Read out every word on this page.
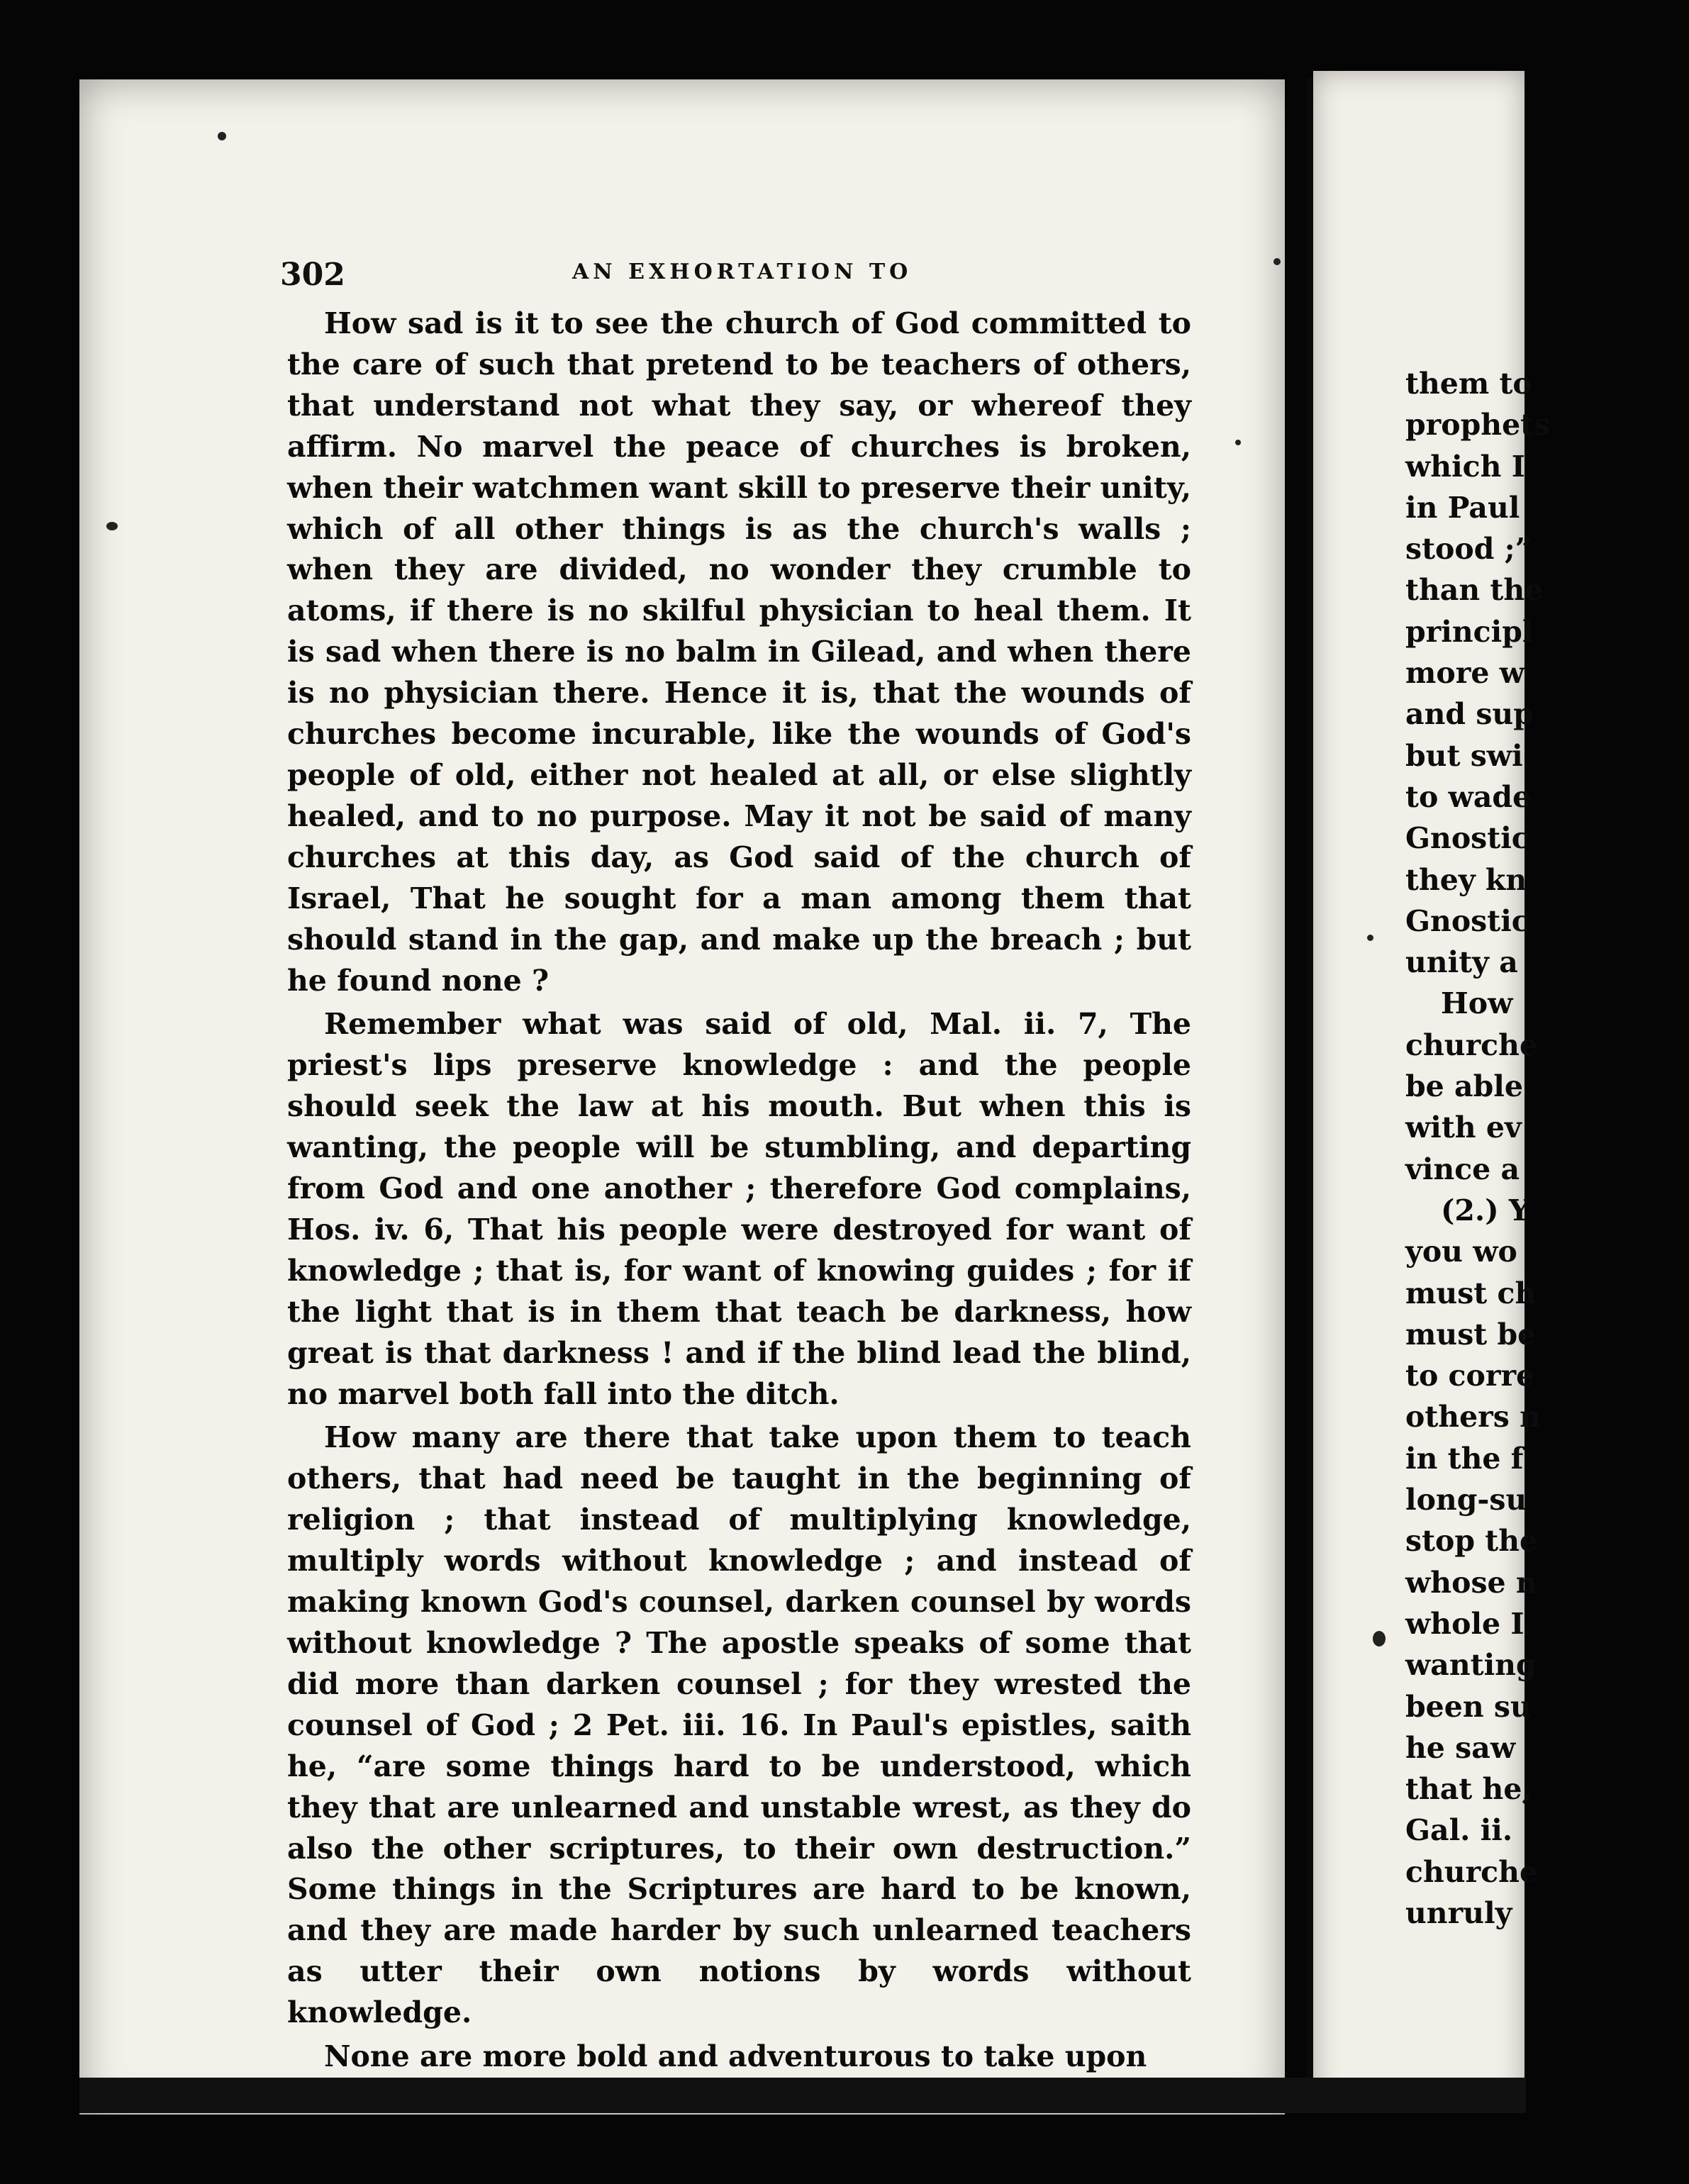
them to
prophets
which I
in Paul
stood ;”
than the
principl
more w
and sup
but swi
to wade
Gnostic
they kn
Gnostic
unity a
How
churche
be able
with ev
vince a
(2.) Y
you wo
must ch
must be
to corre
others n
in the f
long-su
stop the
whose n
whole I
wanting
been su
he saw
that he,
Gal. ii.
churche
unruly
302	AN EXHORTATION TO

How sad is it to see the church of God committed to the care of such that pretend to be teachers of others, that understand not what they say, or whereof they affirm. No marvel the peace of churches is broken, when their watchmen want skill to preserve their unity, which of all other things is as the church's walls ; when they are divided, no wonder they crumble to atoms, if there is no skilful physician to heal them. It is sad when there is no balm in Gilead, and when there is no physician there. Hence it is, that the wounds of churches become incurable, like the wounds of God's people of old, either not healed at all, or else slightly healed, and to no purpose. May it not be said of many churches at this day, as God said of the church of Israel, That he sought for a man among them that should stand in the gap, and make up the breach ; but he found none ?

Remember what was said of old, Mal. ii. 7, The priest's lips preserve knowledge : and the people should seek the law at his mouth. But when this is wanting, the people will be stumbling, and departing from God and one another ; therefore God complains, Hos. iv. 6, That his people were destroyed for want of knowledge ; that is, for want of knowing guides ; for if the light that is in them that teach be darkness, how great is that darkness ! and if the blind lead the blind, no marvel both fall into the ditch.

How many are there that take upon them to teach others, that had need be taught in the beginning of religion ; that instead of multiplying knowledge, multiply words without knowledge ; and instead of making known God's counsel, darken counsel by words without knowledge ? The apostle speaks of some that did more than darken counsel ; for they wrested the counsel of God ; 2 Pet. iii. 16. In Paul's epistles, saith he, “are some things hard to be understood, which they that are unlearned and unstable wrest, as they do also the other scriptures, to their own destruction.” Some things in the Scriptures are hard to be known, and they are made harder by such unlearned teachers as utter their own notions by words without knowledge.

None are more bold and adventurous to take upon
